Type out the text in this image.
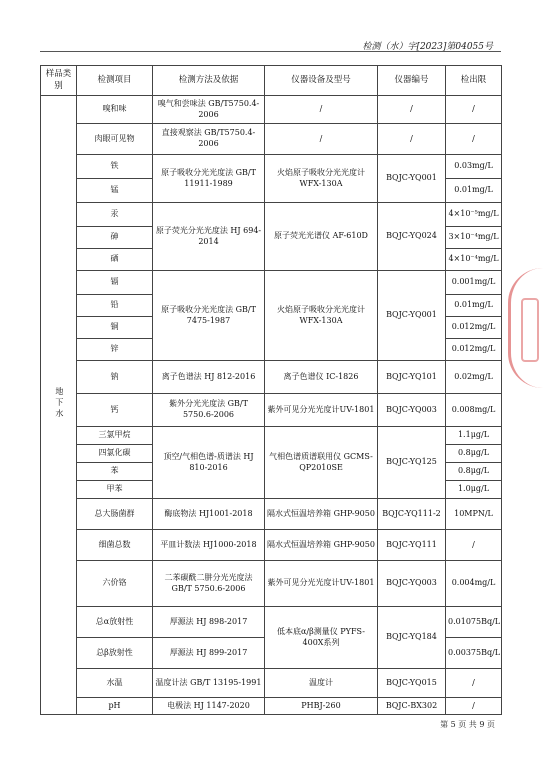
检测（水）字[2023]第04055号
样品类别	检测项目	检测方法及依据	仪器设备及型号	仪器编号	检出限
地下水	嗅和味	嗅气和尝味法 GB/T5750.4-2006	/	/	/
	肉眼可见物	直接观察法 GB/T5750.4-2006	/	/	/
	铁	原子吸收分光光度法 GB/T 11911-1989	火焰原子吸收分光光度计WFX-130A	BQJC-YQ001	0.03mg/L
	锰				0.01mg/L
	汞	原子荧光分光光度法 HJ 694-2014	原子荧光光谱仪 AF-610D	BQJC-YQ024	4×10⁻⁵mg/L
	砷				3×10⁻⁴mg/L
	硒				4×10⁻⁴mg/L
	镉	原子吸收分光光度法 GB/T 7475-1987	火焰原子吸收分光光度计WFX-130A	BQJC-YQ001	0.001mg/L
	铅				0.01mg/L
	铜				0.012mg/L
	锌				0.012mg/L
	钠	离子色谱法 HJ 812-2016	离子色谱仪 IC-1826	BQJC-YQ101	0.02mg/L
	钙	紫外分光光度法 GB/T 5750.6-2006	紫外可见分光光度计UV-1801	BQJC-YQ003	0.008mg/L
	三氯甲烷	顶空/气相色谱-质谱法 HJ 810-2016	气相色谱质谱联用仪 GCMS-QP2010SE	BQJC-YQ125	1.1μg/L
	四氯化碳				0.8μg/L
	苯				0.8μg/L
	甲苯				1.0μg/L
	总大肠菌群	酶底物法 HJ1001-2018	隔水式恒温培养箱 GHP-9050	BQJC-YQ111-2	10MPN/L
	细菌总数	平皿计数法 HJ1000-2018	隔水式恒温培养箱 GHP-9050	BQJC-YQ111	/
	六价铬	二苯碳酰二肼分光光度法 GB/T 5750.6-2006	紫外可见分光光度计UV-1801	BQJC-YQ003	0.004mg/L
	总α放射性	厚源法 HJ 898-2017	低本底α/β测量仪 PYFS-400X系列	BQJC-YQ184	0.01075Bq/L
	总β放射性	厚源法 HJ 899-2017			0.00375Bq/L
	水温	温度计法 GB/T 13195-1991	温度计	BQJC-YQ015	/
	pH	电极法 HJ 1147-2020	PHBJ-260	BQJC-BX302	/
第 5 页 共 9 页
